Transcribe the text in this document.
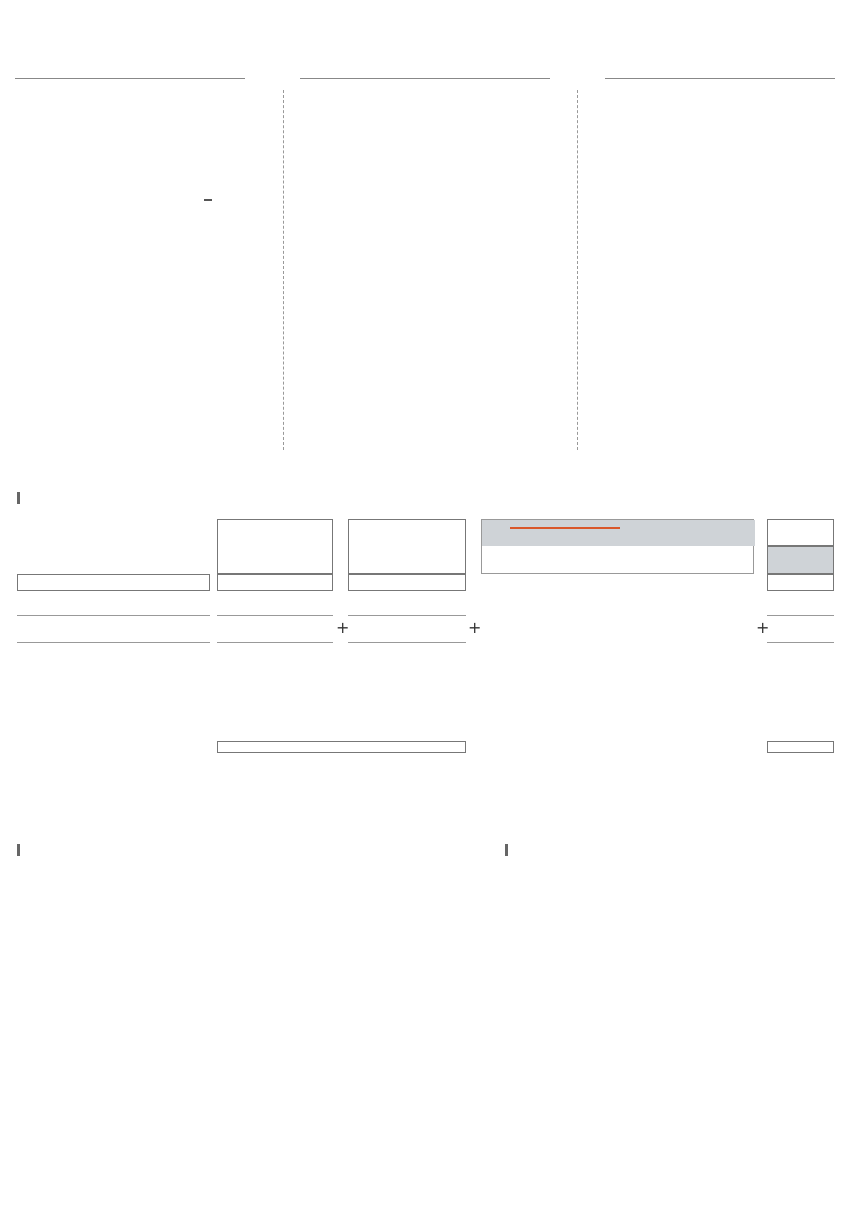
+	+	+
